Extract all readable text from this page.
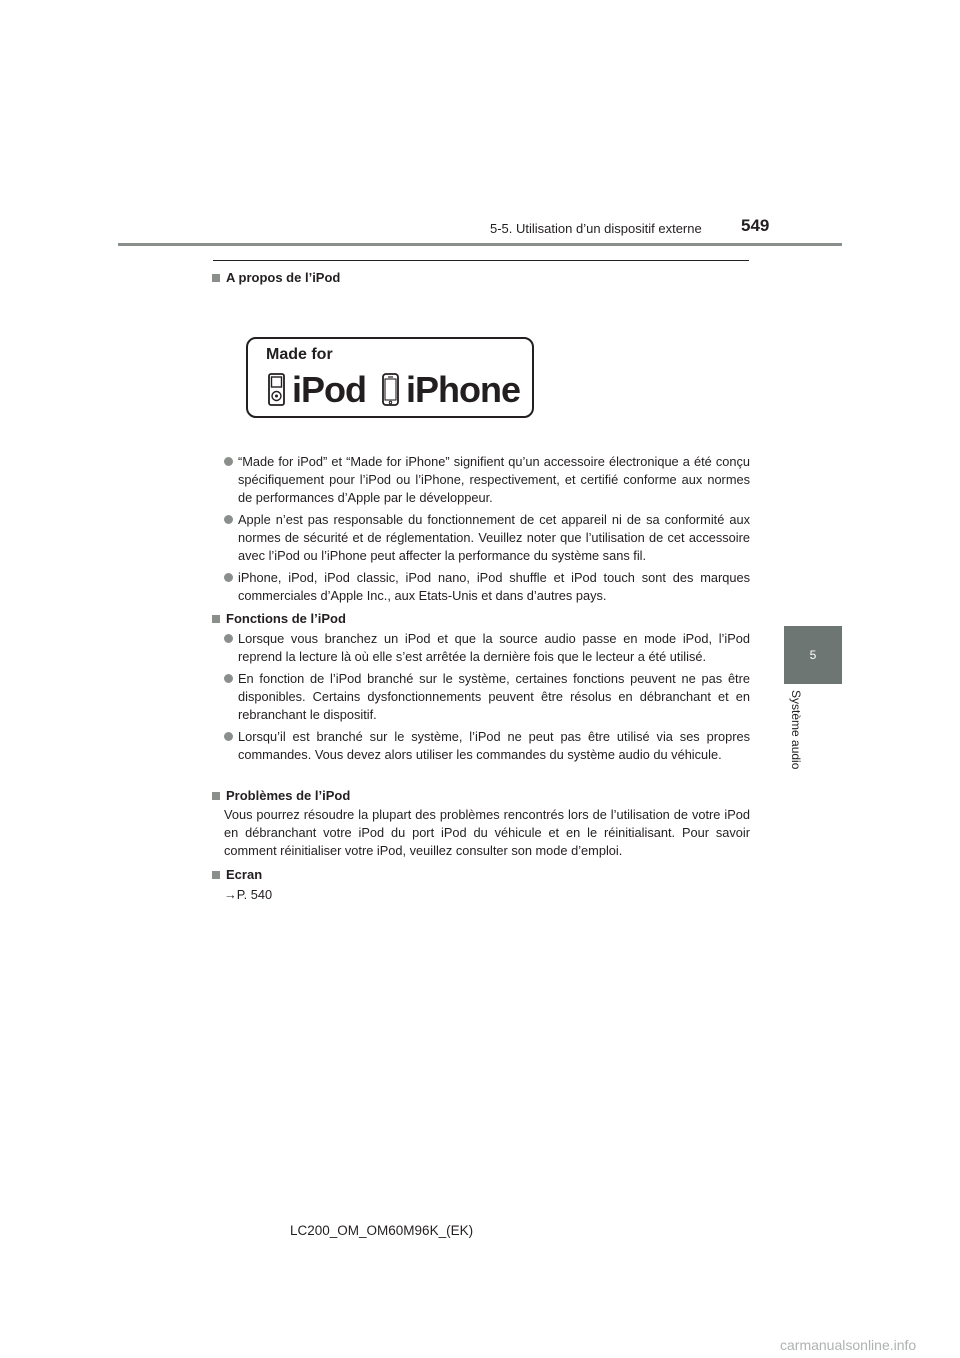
5-5. Utilisation d’un dispositif externe 549
5
Système audio
A propos de l’iPod
Made for
iPod iPhone
“Made for iPod” et “Made for iPhone” signifient qu’un accessoire électronique a été conçu spécifiquement pour l’iPod ou l’iPhone, respectivement, et certifié conforme aux normes de performances d’Apple par le développeur.
Apple n’est pas responsable du fonctionnement de cet appareil ni de sa conformité aux normes de sécurité et de réglementation. Veuillez noter que l’utilisation de cet accessoire avec l’iPod ou l’iPhone peut affecter la performance du système sans fil.
iPhone, iPod, iPod classic, iPod nano, iPod shuffle et iPod touch sont des marques commerciales d’Apple Inc., aux Etats-Unis et dans d’autres pays.
Fonctions de l’iPod
Lorsque vous branchez un iPod et que la source audio passe en mode iPod, l’iPod reprend la lecture là où elle s’est arrêtée la dernière fois que le lecteur a été utilisé.
En fonction de l’iPod branché sur le système, certaines fonctions peuvent ne pas être disponibles. Certains dysfonctionnements peuvent être résolus en débranchant et en rebranchant le dispositif.
Lorsqu’il est branché sur le système, l’iPod ne peut pas être utilisé via ses propres commandes. Vous devez alors utiliser les commandes du système audio du véhicule.
Problèmes de l’iPod
Vous pourrez résoudre la plupart des problèmes rencontrés lors de l’utilisation de votre iPod en débranchant votre iPod du port iPod du véhicule et en le réinitialisant. Pour savoir comment réinitialiser votre iPod, veuillez consulter son mode d’emploi.
Ecran
→P. 540
LC200_OM_OM60M96K_(EK)
carmanualsonline.info
